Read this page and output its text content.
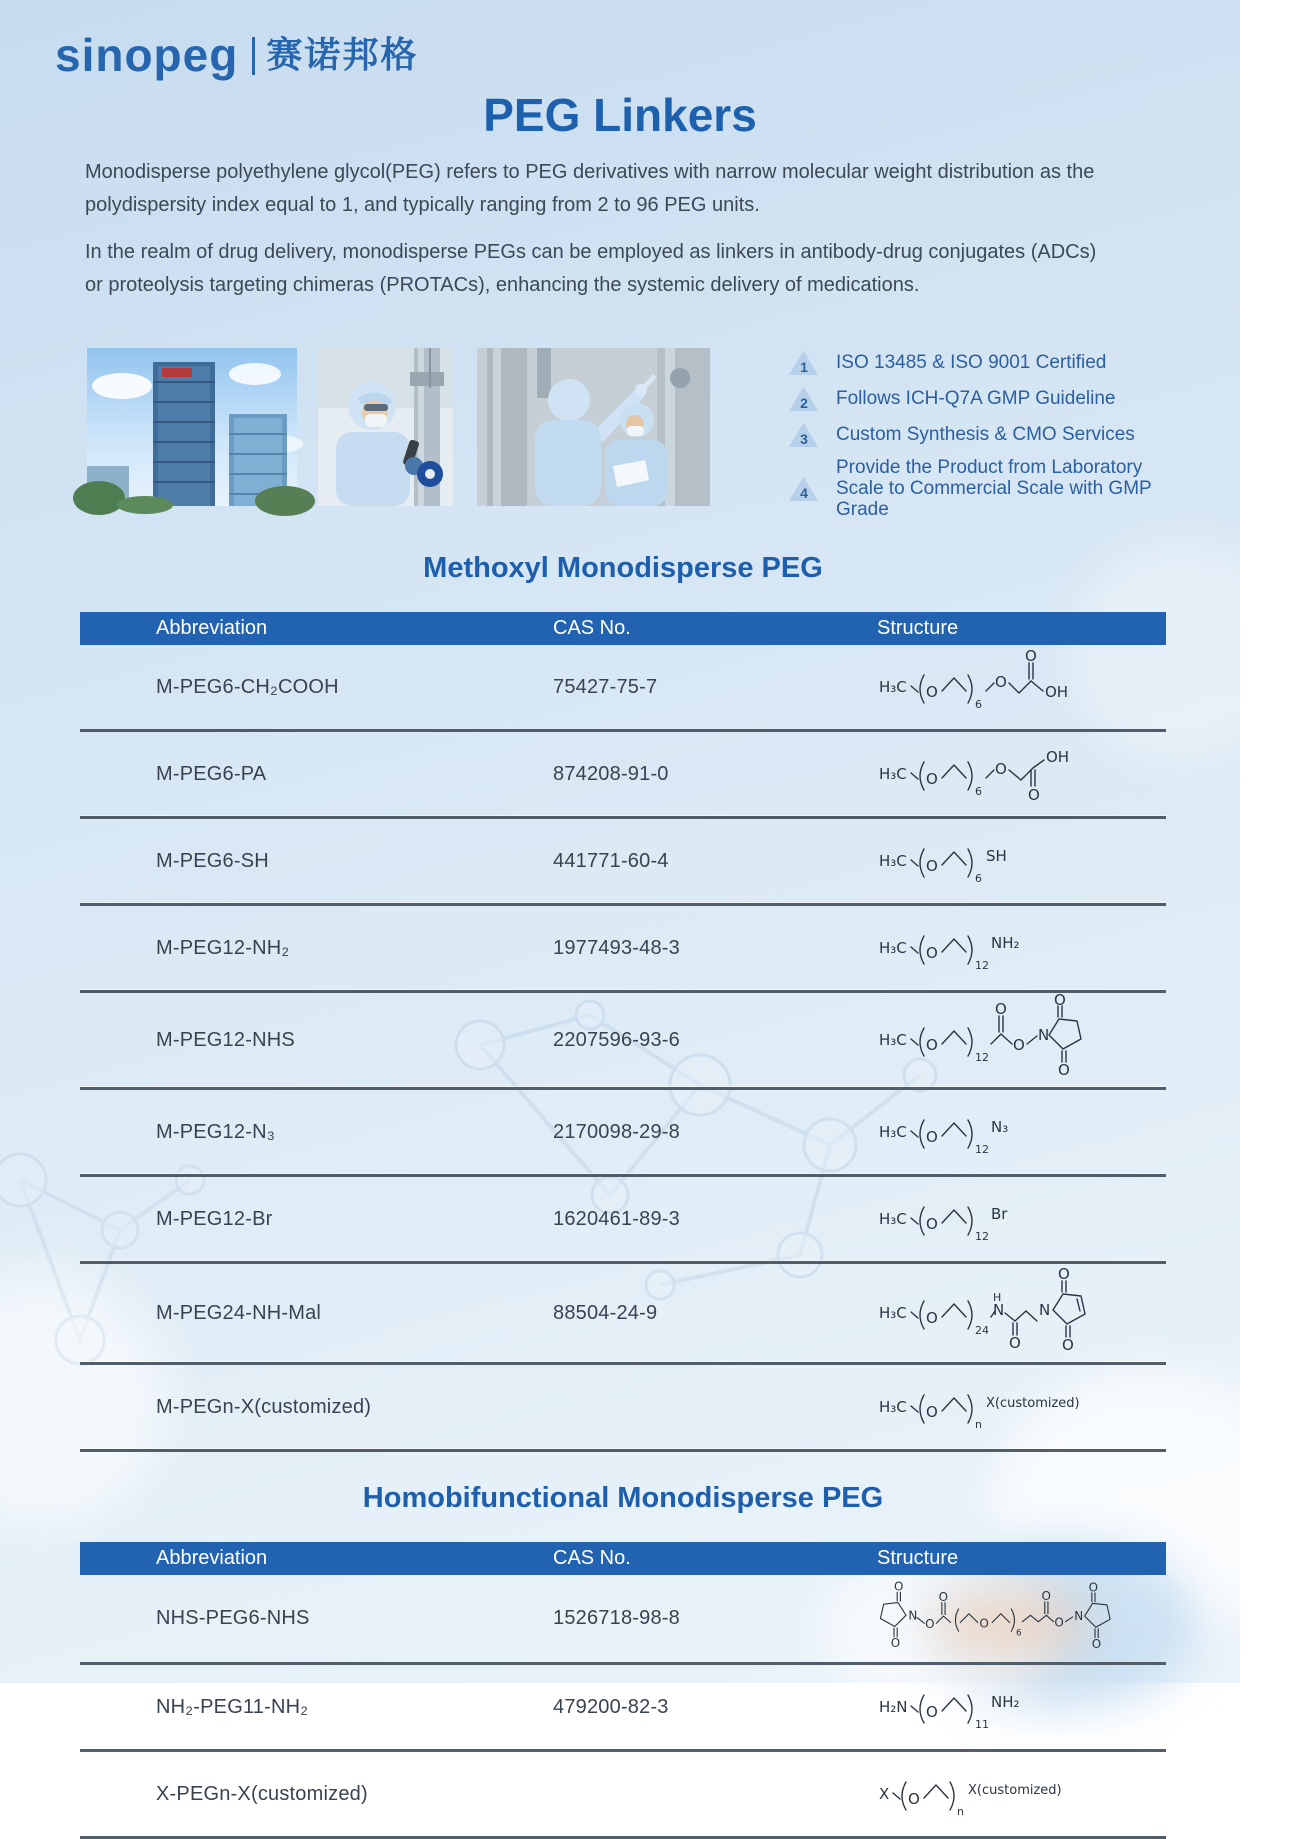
sinopeg 赛诺邦格
PEG Linkers

Monodisperse polyethylene glycol(PEG) refers to PEG derivatives with narrow molecular weight distribution as the polydispersity index equal to 1, and typically ranging from 2 to 96 PEG units.

In the realm of drug delivery, monodisperse PEGs can be employed as linkers in antibody-drug conjugates (ADCs) or proteolysis targeting chimeras (PROTACs), enhancing the systemic delivery of medications.

1 ISO 13485 & ISO 9001 Certified
2 Follows ICH-Q7A GMP Guideline
3 Custom Synthesis & CMO Services
4
Provide the Product from Laboratory Scale to Commercial Scale with GMP Grade
Methoxyl Monodisperse PEG
Abbreviation	CAS No.	Structure
M-PEG6-CH₂COOH	75427-75-7	H₃C O
6
O
O
OH
M-PEG6-PA	874208-91-0	H₃C O
6
O
OH
O
M-PEG6-SH	441771-60-4	H₃C O
6
SH
M-PEG12-NH₂	1977493-48-3	H₃C O
12
NH₂
M-PEG12-NHS	2207596-93-6	H₃C O
12
O
O
N
O
O
M-PEG12-N₃	2170098-29-8	H₃C O
12
N₃
M-PEG12-Br	1620461-89-3	H₃C O
12
Br
M-PEG24-NH-Mal	88504-24-9	H₃C O
24
H
N
O
N
O
O
M-PEGn-X(customized)	H₃C O
n
X(customized)
Homobifunctional Monodisperse PEG
Abbreviation	CAS No.	Structure
NHS-PEG6-NHS	1526718-98-8
O
O
N
O
O
O
6
O
O N
O
O
NH₂-PEG11-NH₂	479200-82-3	H₂N O
11
NH₂
X-PEGn-X(customized)	X O
n
X(customized)
